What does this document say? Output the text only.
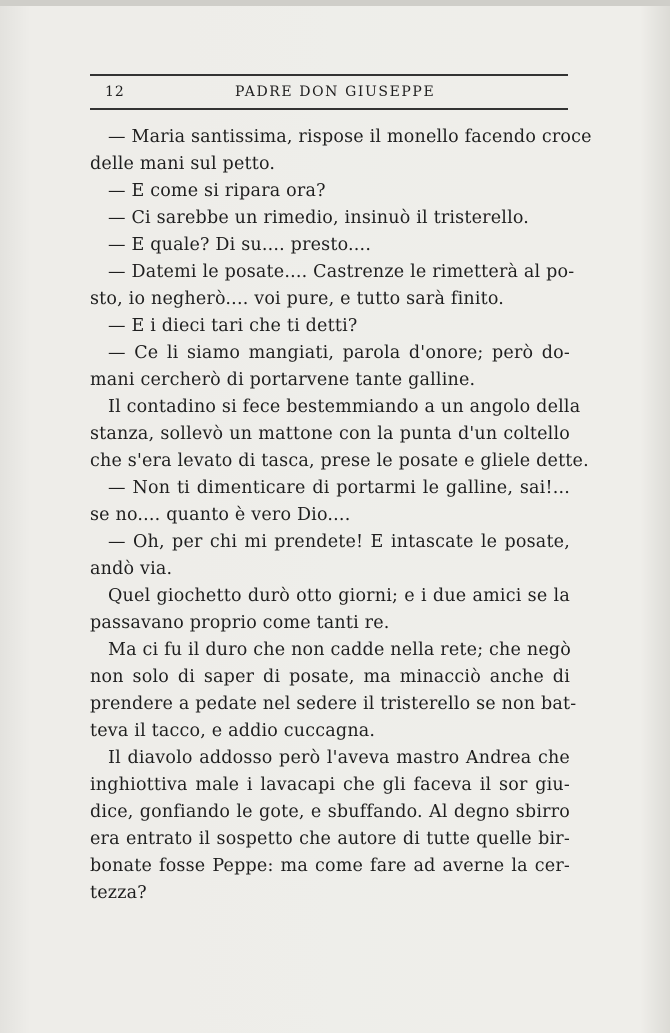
12	PADRE DON GIUSEPPE
— Maria santissima, rispose il monello facendo croce
delle mani sul petto.
— E come si ripara ora?
— Ci sarebbe un rimedio, insinuò il tristerello.
— E quale? Di su.... presto....
— Datemi le posate.... Castrenze le rimetterà al po-
sto, io negherò.... voi pure, e tutto sarà finito.
— E i dieci tari che ti detti?
— Ce li siamo mangiati, parola d'onore; però do-
mani cercherò di portarvene tante galline.
Il contadino si fece bestemmiando a un angolo della
stanza, sollevò un mattone con la punta d'un coltello
che s'era levato di tasca, prese le posate e gliele dette.
— Non ti dimenticare di portarmi le galline, sai!...
se no.... quanto è vero Dio....
— Oh, per chi mi prendete! E intascate le posate,
andò via.
Quel giochetto durò otto giorni; e i due amici se la
passavano proprio come tanti re.
Ma ci fu il duro che non cadde nella rete; che negò
non solo di saper di posate, ma minacciò anche di
prendere a pedate nel sedere il tristerello se non bat-
teva il tacco, e addio cuccagna.
Il diavolo addosso però l'aveva mastro Andrea che
inghiottiva male i lavacapi che gli faceva il sor giu-
dice, gonfiando le gote, e sbuffando. Al degno sbirro
era entrato il sospetto che autore di tutte quelle bir-
bonate fosse Peppe: ma come fare ad averne la cer-
tezza?
